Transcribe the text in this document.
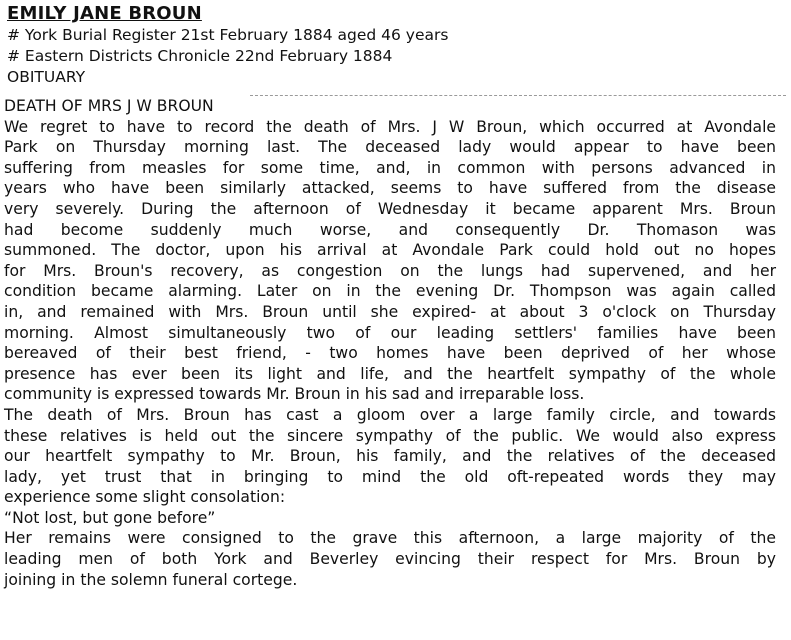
EMILY JANE BROUN
# York Burial Register 21st February 1884 aged 46 years
# Eastern Districts Chronicle 22nd February 1884
OBITUARY
DEATH OF MRS J W BROUN
We regret to have to record the death of Mrs. J W Broun, which occurred at Avondale
Park on Thursday morning last. The deceased lady would appear to have been
suffering from measles for some time, and, in common with persons advanced in
years who have been similarly attacked, seems to have suffered from the disease
very severely. During the afternoon of Wednesday it became apparent Mrs. Broun
had become suddenly much worse, and consequently Dr. Thomason was
summoned. The doctor, upon his arrival at Avondale Park could hold out no hopes
for Mrs. Broun's recovery, as congestion on the lungs had supervened, and her
condition became alarming. Later on in the evening Dr. Thompson was again called
in, and remained with Mrs. Broun until she expired- at about 3 o'clock on Thursday
morning. Almost simultaneously two of our leading settlers' families have been
bereaved of their best friend, - two homes have been deprived of her whose
presence has ever been its light and life, and the heartfelt sympathy of the whole
community is expressed towards Mr. Broun in his sad and irreparable loss.
The death of Mrs. Broun has cast a gloom over a large family circle, and towards
these relatives is held out the sincere sympathy of the public. We would also express
our heartfelt sympathy to Mr. Broun, his family, and the relatives of the deceased
lady, yet trust that in bringing to mind the old oft-repeated words they may
experience some slight consolation:
“Not lost, but gone before”
Her remains were consigned to the grave this afternoon, a large majority of the
leading men of both York and Beverley evincing their respect for Mrs. Broun by
joining in the solemn funeral cortege.
